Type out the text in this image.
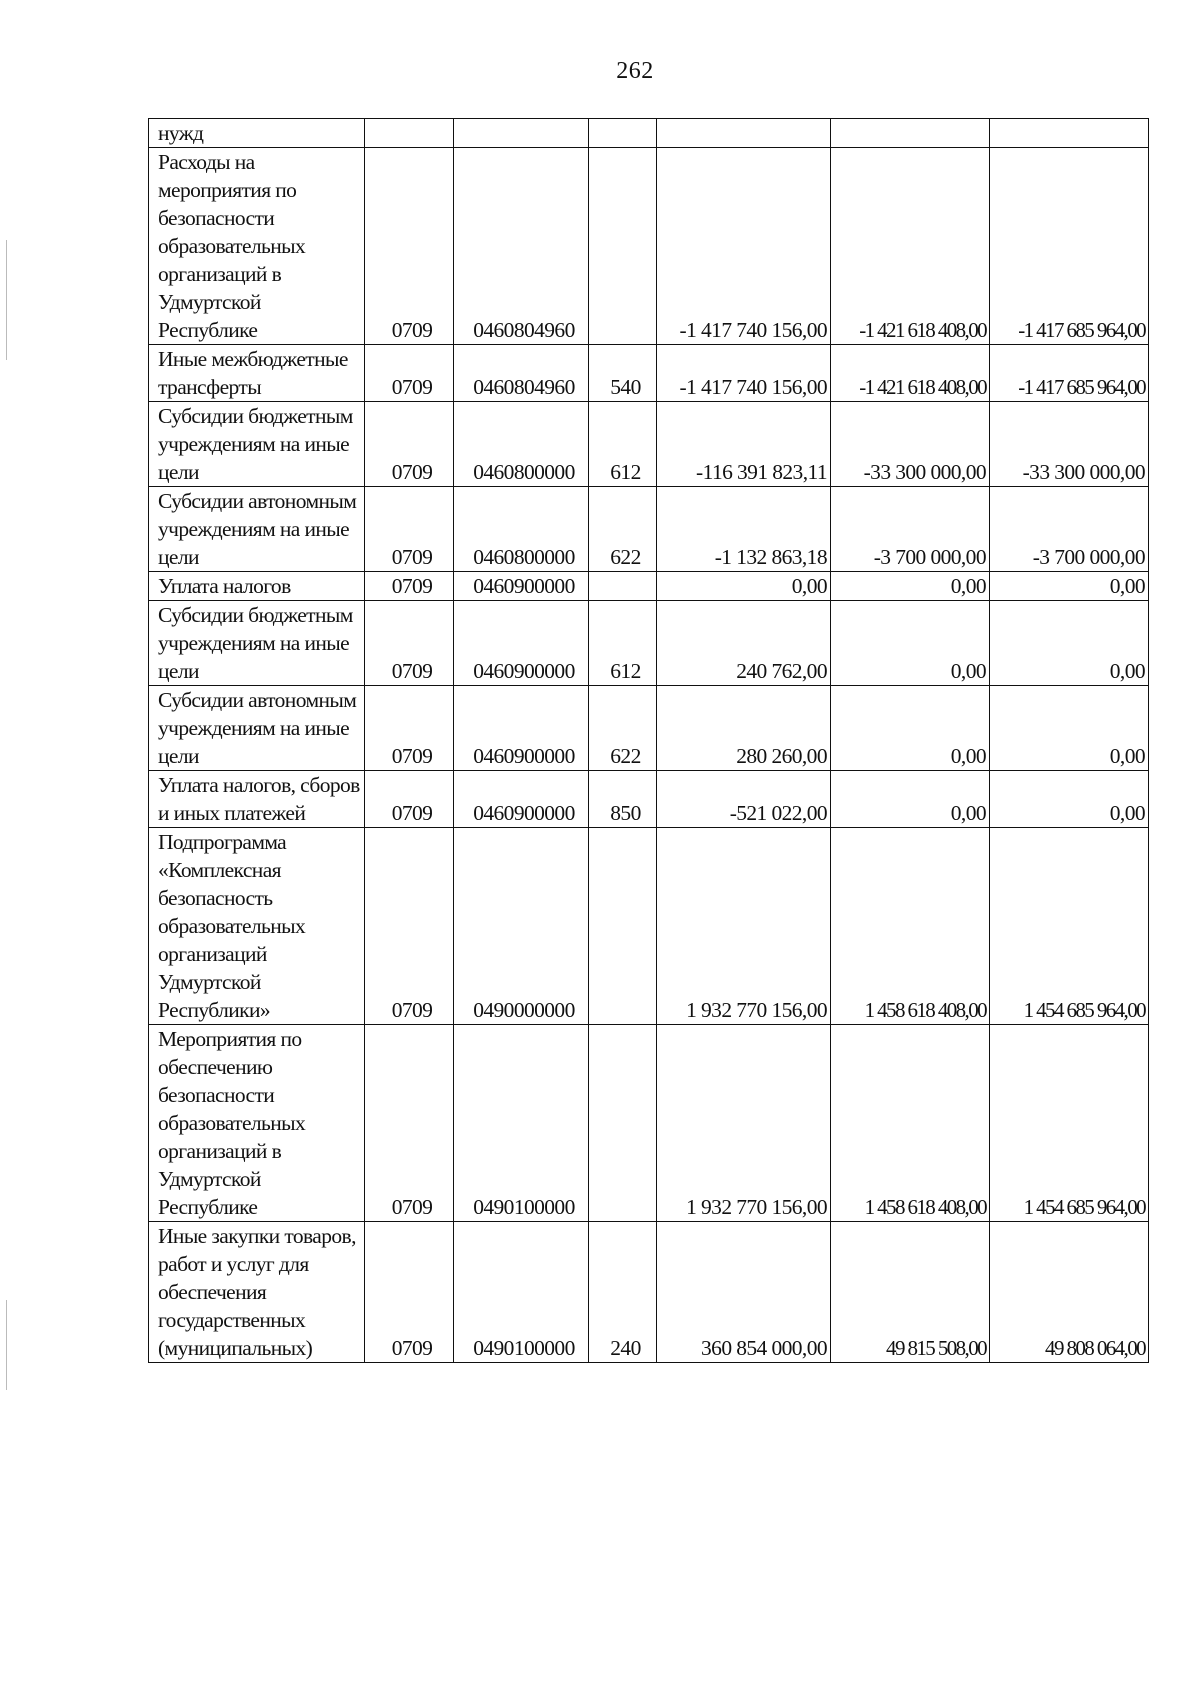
262
нужд						
Расходы на мероприятия по безопасности образовательных организаций в Удмуртской Республике	0709	0460804960		-1 417 740 156,00	-1 421 618 408,00	-1 417 685 964,00
Иные межбюджетные трансферты	0709	0460804960	540	-1 417 740 156,00	-1 421 618 408,00	-1 417 685 964,00
Субсидии бюджетным учреждениям на иные цели	0709	0460800000	612	-116 391 823,11	-33 300 000,00	-33 300 000,00
Субсидии автономным учреждениям на иные цели	0709	0460800000	622	-1 132 863,18	-3 700 000,00	-3 700 000,00
Уплата налогов	0709	0460900000		0,00	0,00	0,00
Субсидии бюджетным учреждениям на иные цели	0709	0460900000	612	240 762,00	0,00	0,00
Субсидии автономным учреждениям на иные цели	0709	0460900000	622	280 260,00	0,00	0,00
Уплата налогов, сборов и иных платежей	0709	0460900000	850	-521 022,00	0,00	0,00
Подпрограмма «Комплексная безопасность образовательных организаций Удмуртской Республики»	0709	0490000000		1 932 770 156,00	1 458 618 408,00	1 454 685 964,00
Мероприятия по обеспечению безопасности образовательных организаций в Удмуртской Республике	0709	0490100000		1 932 770 156,00	1 458 618 408,00	1 454 685 964,00
Иные закупки товаров, работ и услуг для обеспечения государственных (муниципальных)	0709	0490100000	240	360 854 000,00	49 815 508,00	49 808 064,00
